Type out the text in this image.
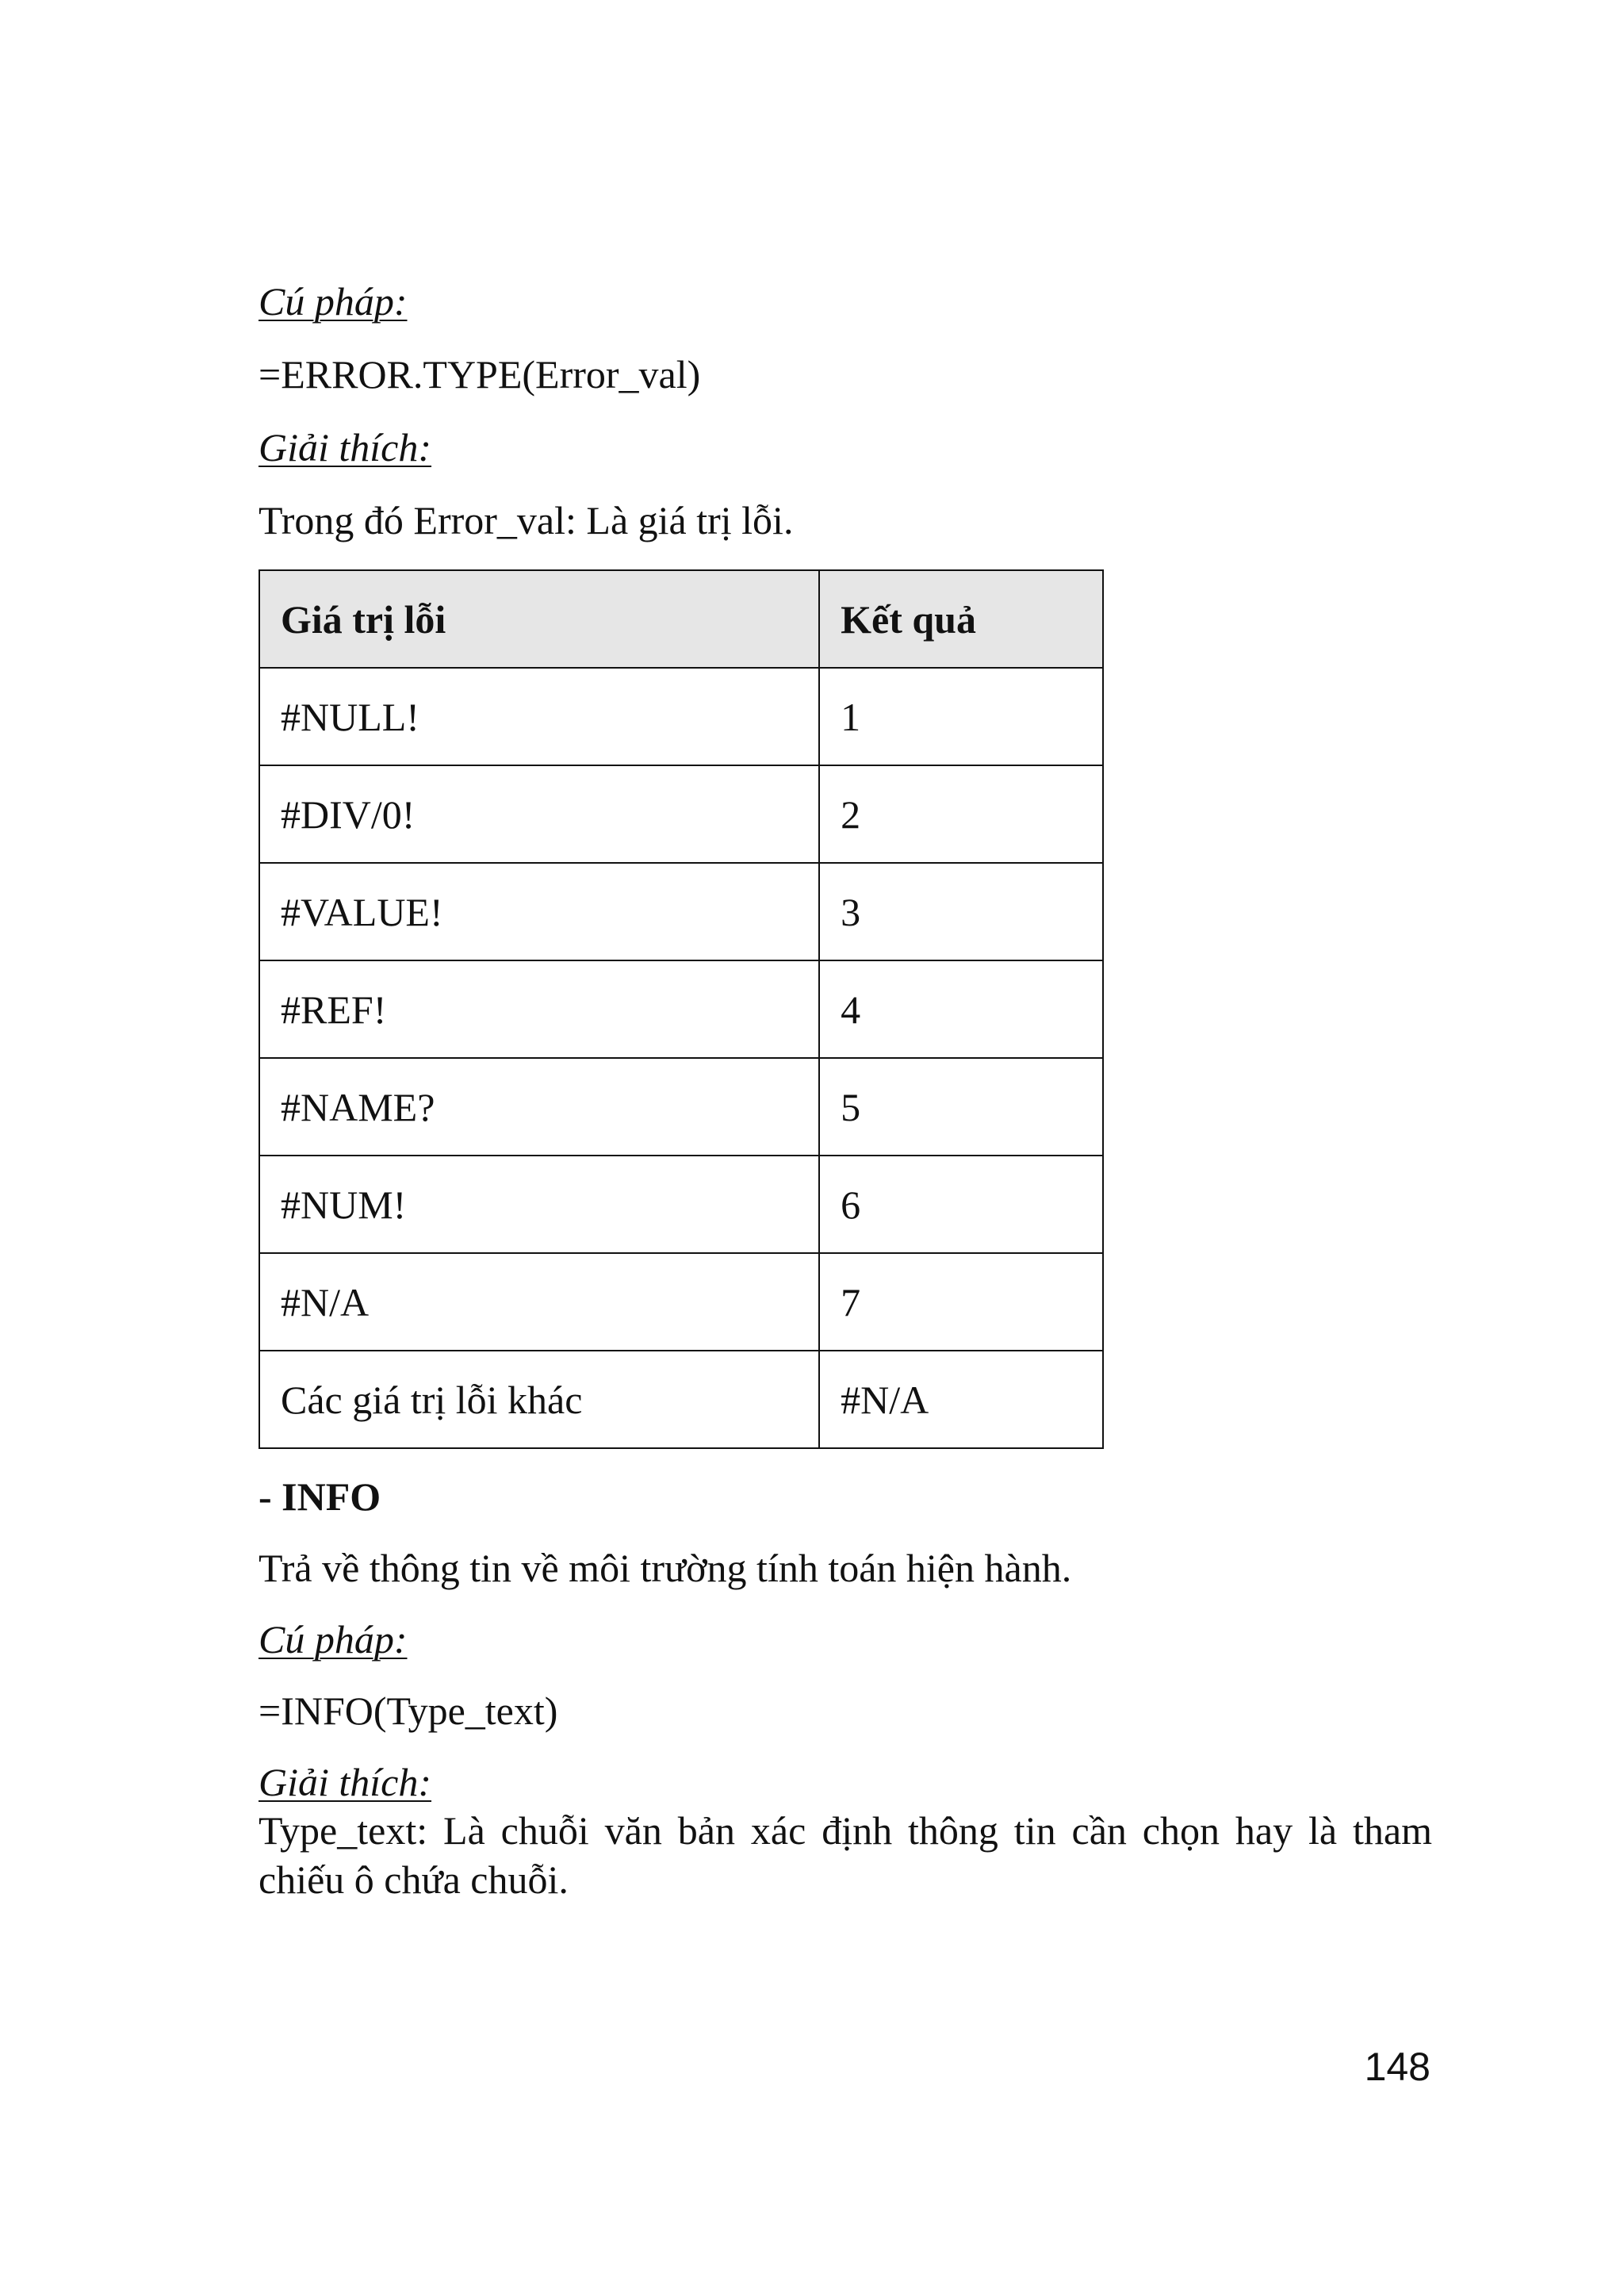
Cú pháp:

=ERROR.TYPE(Error_val)

Giải thích:

Trong đó Error_val: Là giá trị lỗi.

Giá trị lỗi	Kết quả
#NULL!	1
#DIV/0!	2
#VALUE!	3
#REF!	4
#NAME?	5
#NUM!	6
#N/A	7
Các giá trị lỗi khác	#N/A

- INFO

Trả về thông tin về môi trường tính toán hiện hành.

Cú pháp:

=INFO(Type_text)

Giải thích:

Type_text: Là chuỗi văn bản xác định thông tin cần chọn hay là tham chiếu ô chứa chuỗi.

148
